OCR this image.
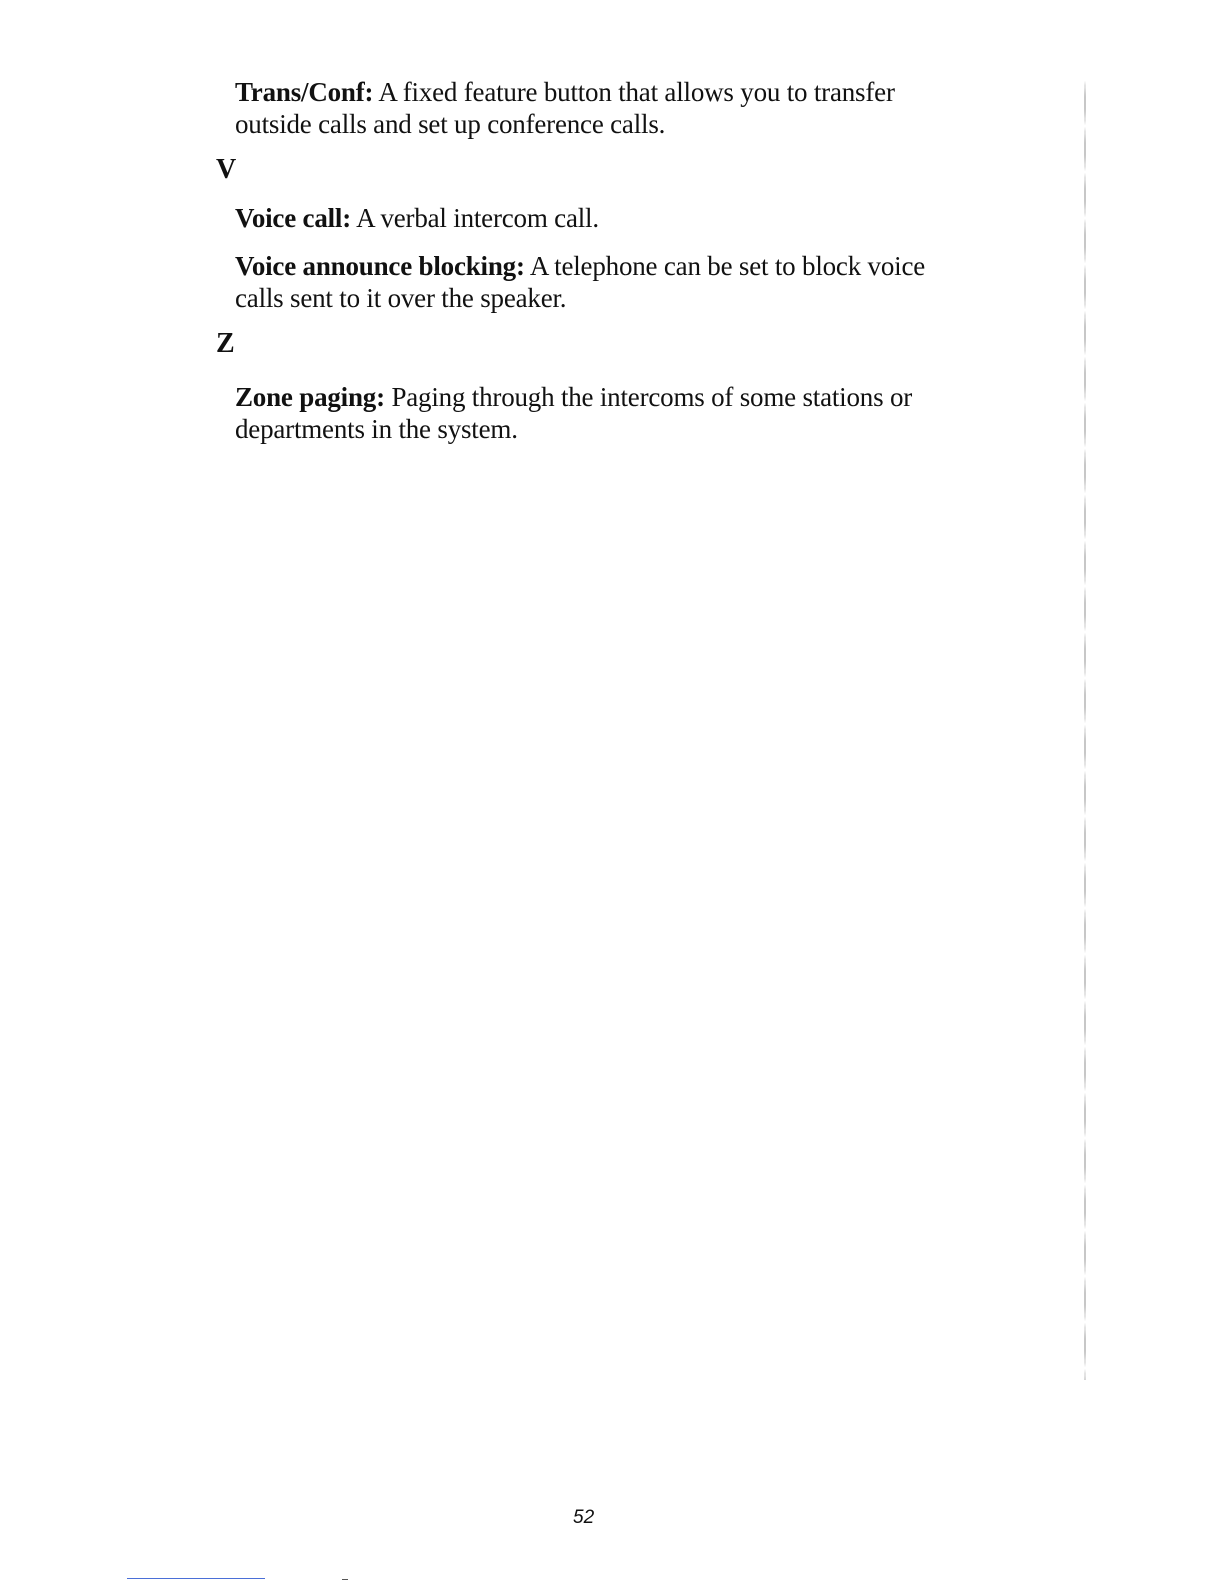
Trans/Conf: A fixed feature button that allows you to transfer outside calls and set up conference calls.

V

Voice call: A verbal intercom call.

Voice announce blocking: A telephone can be set to block voice calls sent to it over the speaker.

Z

Zone paging: Paging through the intercoms of some stations or departments in the system.

52
